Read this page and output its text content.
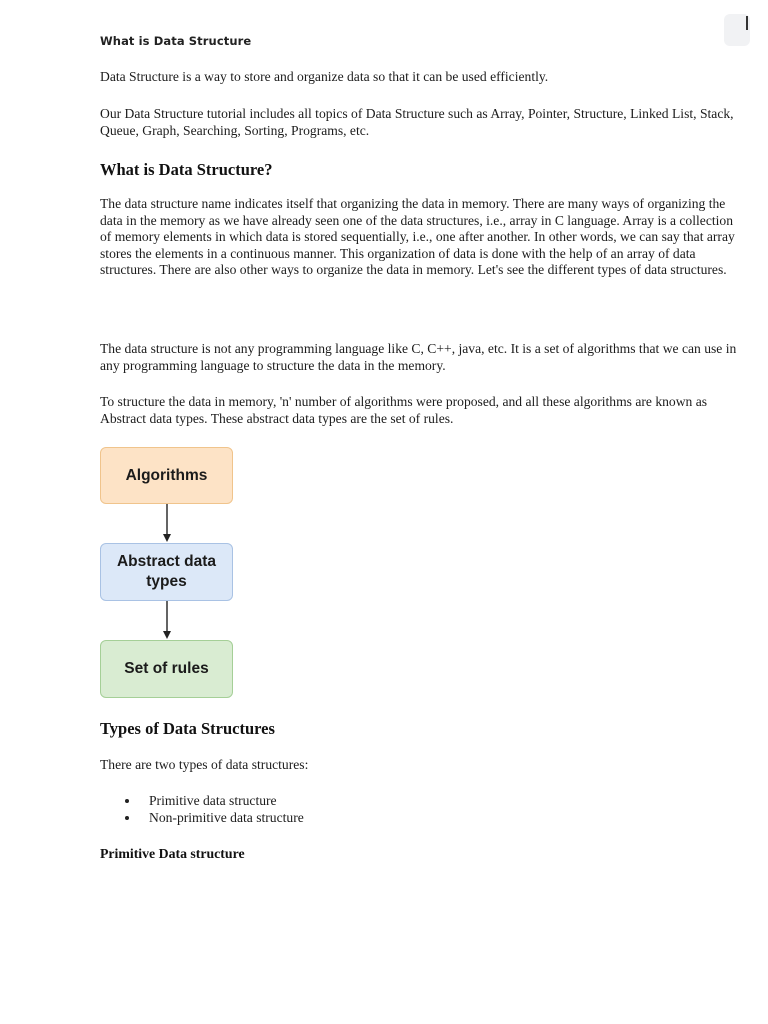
What is Data Structure

Data Structure is a way to store and organize data so that it can be used efficiently.

Our Data Structure tutorial includes all topics of Data Structure such as Array, Pointer, Structure, Linked List, Stack, Queue, Graph, Searching, Sorting, Programs, etc.

What is Data Structure?

The data structure name indicates itself that organizing the data in memory. There are many ways of organizing the data in the memory as we have already seen one of the data structures, i.e., array in C language. Array is a collection of memory elements in which data is stored sequentially, i.e., one after another. In other words, we can say that array stores the elements in a continuous manner. This organization of data is done with the help of an array of data structures. There are also other ways to organize the data in memory. Let's see the different types of data structures.

The data structure is not any programming language like C, C++, java, etc. It is a set of algorithms that we can use in any programming language to structure the data in the memory.

To structure the data in memory, 'n' number of algorithms were proposed, and all these algorithms are known as Abstract data types. These abstract data types are the set of rules.

Algorithms
Abstract data types
Set of rules
Types of Data Structures

There are two types of data structures:

Primitive data structure
Non-primitive data structure
Primitive Data structure
